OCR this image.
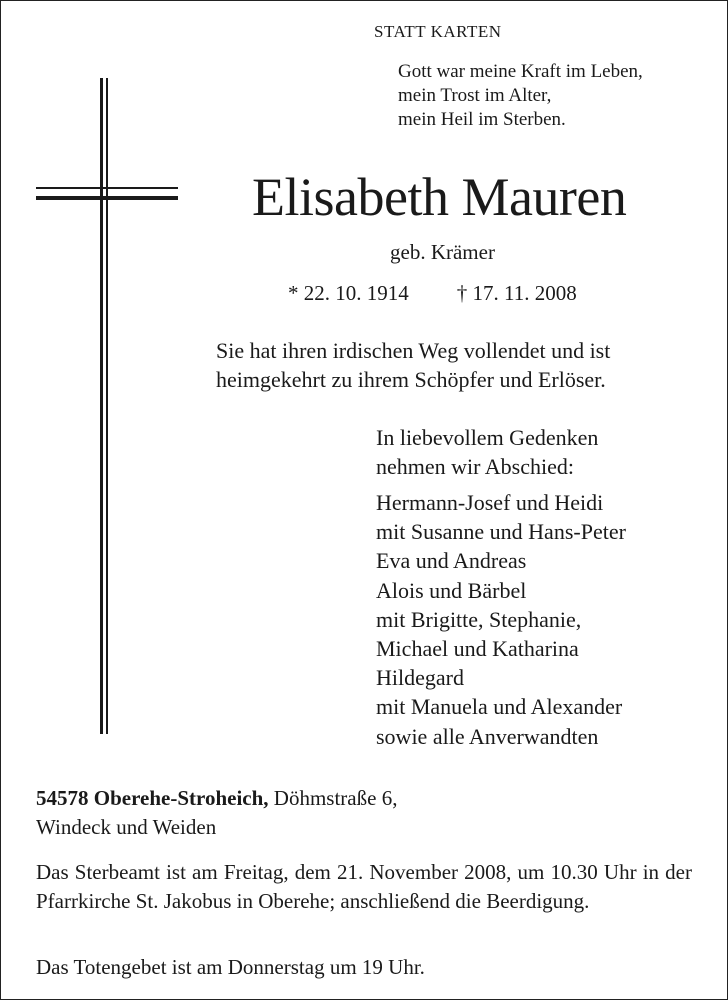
STATT KARTEN
Gott war meine Kraft im Leben,
mein Trost im Alter,
mein Heil im Sterben.
Elisabeth Mauren
geb. Krämer
* 22. 10. 1914 † 17. 11. 2008
Sie hat ihren irdischen Weg vollendet und ist
heimgekehrt zu ihrem Schöpfer und Erlöser.
In liebevollem Gedenken
nehmen wir Abschied:
Hermann-Josef und Heidi
mit Susanne und Hans-Peter
Eva und Andreas
Alois und Bärbel
mit Brigitte, Stephanie,
Michael und Katharina
Hildegard
mit Manuela und Alexander
sowie alle Anverwandten
54578 Oberehe-Stroheich, Döhmstraße 6,
Windeck und Weiden

Das Sterbeamt ist am Freitag, dem 21. November 2008, um 10.30 Uhr in der Pfarrkirche St. Jakobus in Oberehe; anschließend die Beerdigung.

Das Totengebet ist am Donnerstag um 19 Uhr.
